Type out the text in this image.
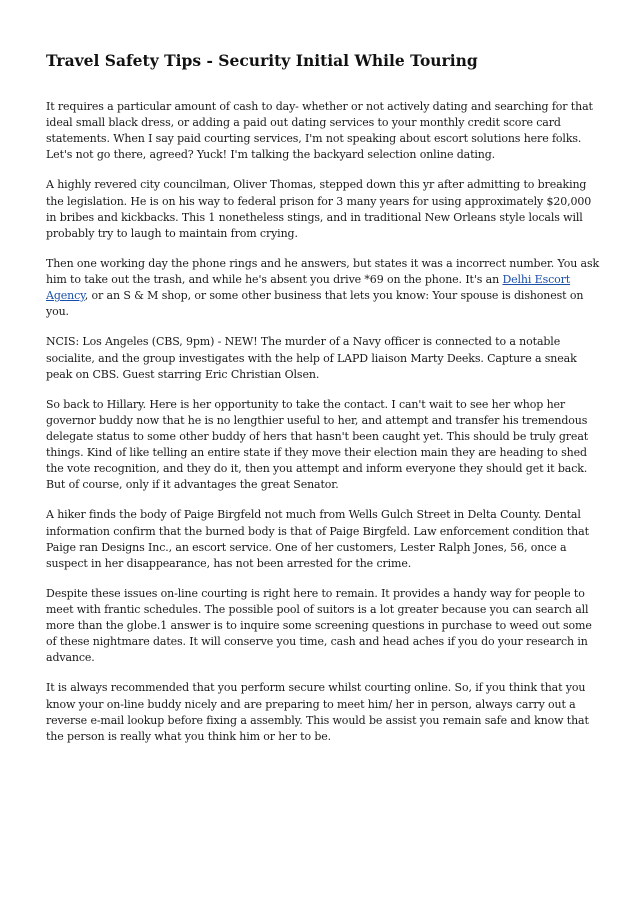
Travel Safety Tips - Security Initial While Touring

It requires a particular amount of cash to day- whether or not actively dating and searching for that ideal small black dress, or adding a paid out dating services to your monthly credit score card statements. When I say paid courting services, I'm not speaking about escort solutions here folks. Let's not go there, agreed? Yuck! I'm talking the backyard selection online dating.

A highly revered city councilman, Oliver Thomas, stepped down this yr after admitting to breaking the legislation. He is on his way to federal prison for 3 many years for using approximately $20,000 in bribes and kickbacks. This 1 nonetheless stings, and in traditional New Orleans style locals will probably try to laugh to maintain from crying.

Then one working day the phone rings and he answers, but states it was a incorrect number. You ask him to take out the trash, and while he's absent you drive *69 on the phone. It's an Delhi Escort Agency, or an S & M shop, or some other business that lets you know: Your spouse is dishonest on you.

NCIS: Los Angeles (CBS, 9pm) - NEW! The murder of a Navy officer is connected to a notable socialite, and the group investigates with the help of LAPD liaison Marty Deeks. Capture a sneak peak on CBS. Guest starring Eric Christian Olsen.

So back to Hillary. Here is her opportunity to take the contact. I can't wait to see her whop her governor buddy now that he is no lengthier useful to her, and attempt and transfer his tremendous delegate status to some other buddy of hers that hasn't been caught yet. This should be truly great things. Kind of like telling an entire state if they move their election main they are heading to shed the vote recognition, and they do it, then you attempt and inform everyone they should get it back. But of course, only if it advantages the great Senator.

A hiker finds the body of Paige Birgfeld not much from Wells Gulch Street in Delta County. Dental information confirm that the burned body is that of Paige Birgfeld. Law enforcement condition that Paige ran Designs Inc., an escort service. One of her customers, Lester Ralph Jones, 56, once a suspect in her disappearance, has not been arrested for the crime.

Despite these issues on-line courting is right here to remain. It provides a handy way for people to meet with frantic schedules. The possible pool of suitors is a lot greater because you can search all more than the globe.1 answer is to inquire some screening questions in purchase to weed out some of these nightmare dates. It will conserve you time, cash and head aches if you do your research in advance.

It is always recommended that you perform secure whilst courting online. So, if you think that you know your on-line buddy nicely and are preparing to meet him/ her in person, always carry out a reverse e-mail lookup before fixing a assembly. This would be assist you remain safe and know that the person is really what you think him or her to be.
